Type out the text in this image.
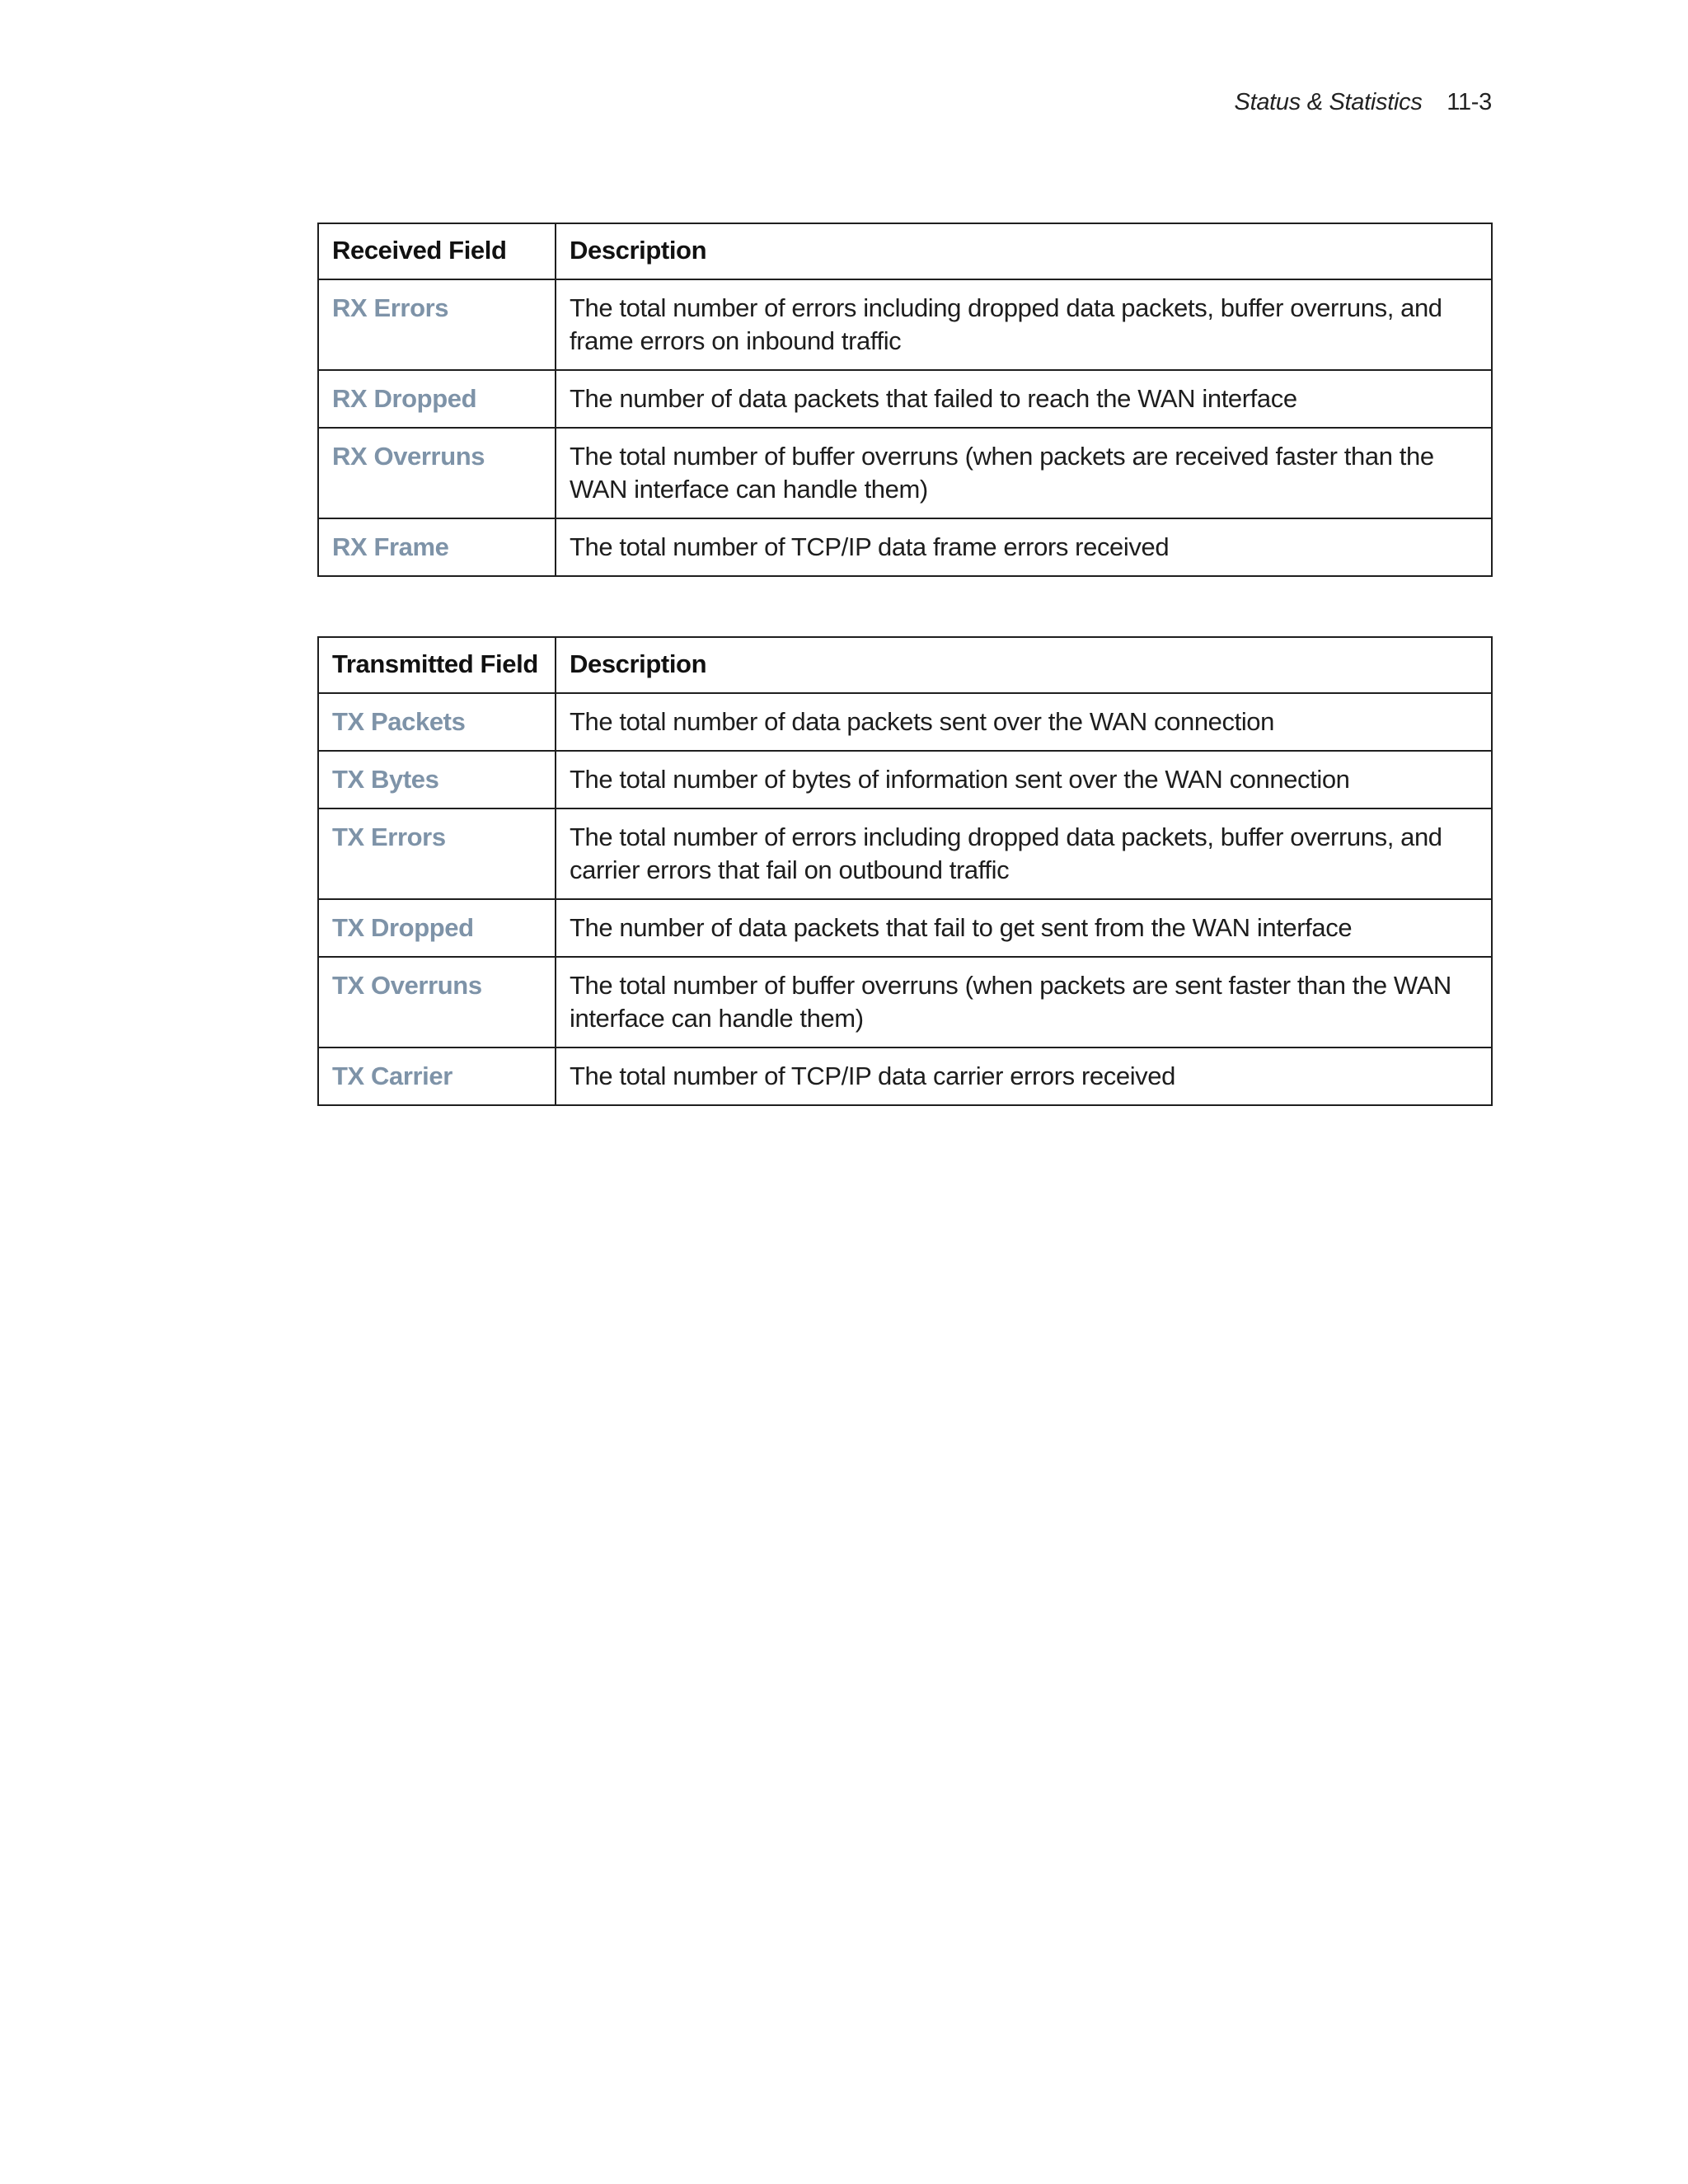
Status & Statistics 11-3
Received Field	Description
RX Errors	The total number of errors including dropped data packets, buffer overruns, and frame errors on inbound traffic
RX Dropped	The number of data packets that failed to reach the WAN interface
RX Overruns	The total number of buffer overruns (when packets are received faster than the WAN interface can handle them)
RX Frame	The total number of TCP/IP data frame errors received
Transmitted Field	Description
TX Packets	The total number of data packets sent over the WAN connection
TX Bytes	The total number of bytes of information sent over the WAN connection
TX Errors	The total number of errors including dropped data packets, buffer overruns, and carrier errors that fail on outbound traffic
TX Dropped	The number of data packets that fail to get sent from the WAN interface
TX Overruns	The total number of buffer overruns (when packets are sent faster than the WAN interface can handle them)
TX Carrier	The total number of TCP/IP data carrier errors received
